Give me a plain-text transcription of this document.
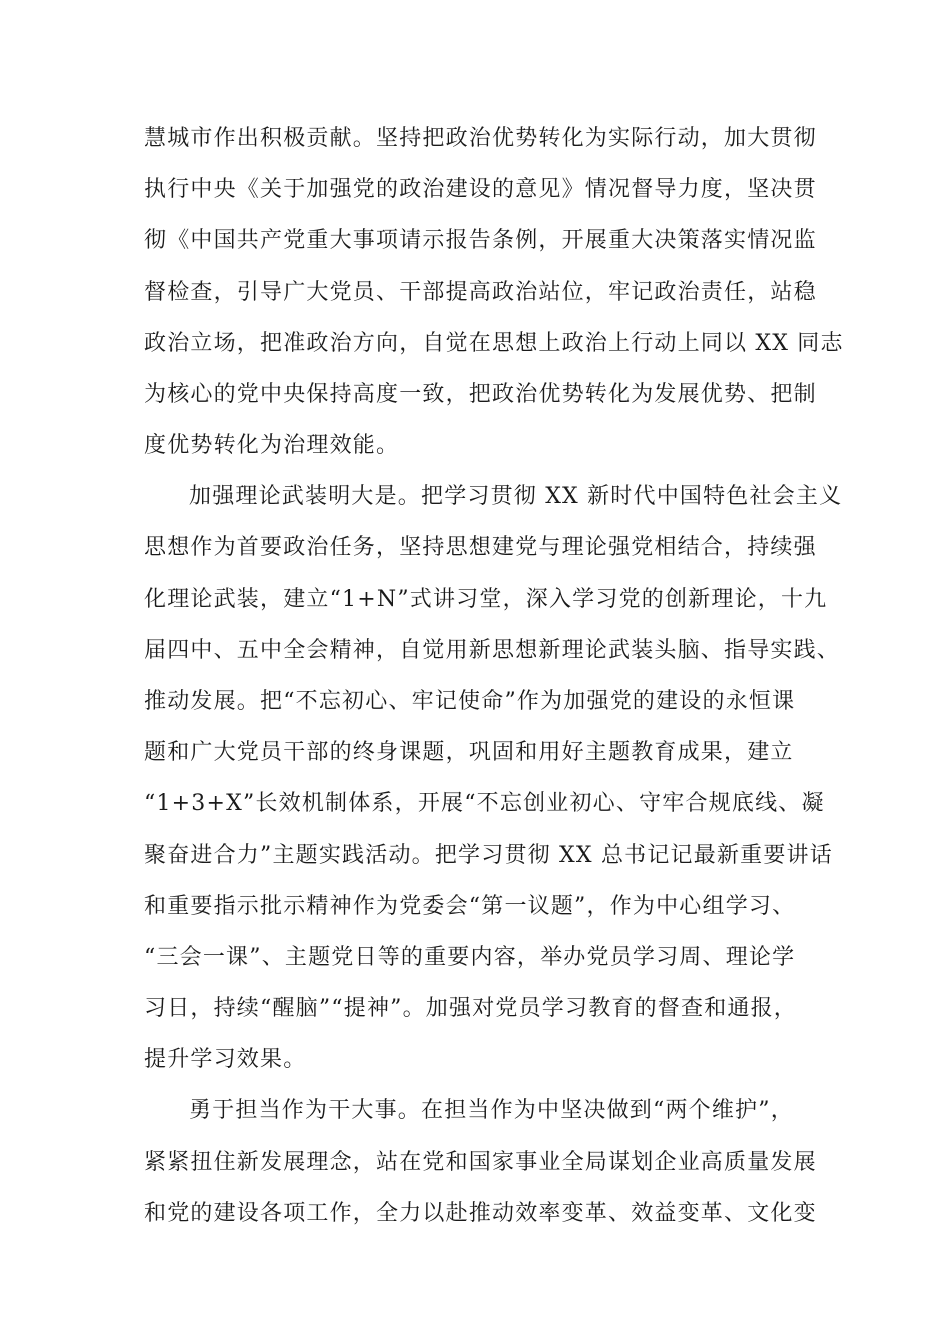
慧城市作出积极贡献。坚持把政治优势转化为实际行动，加大贯彻
执行中央《关于加强党的政治建设的意见》情况督导力度，坚决贯
彻《中国共产党重大事项请示报告条例，开展重大决策落实情况监
督检查，引导广大党员、干部提高政治站位，牢记政治责任，站稳
政治立场，把准政治方向，自觉在思想上政治上行动上同以 XX 同志
为核心的党中央保持高度一致，把政治优势转化为发展优势、把制
度优势转化为治理效能。
加强理论武装明大是。把学习贯彻 XX 新时代中国特色社会主义
思想作为首要政治任务，坚持思想建党与理论强党相结合，持续强
化理论武装，建立“1+N”式讲习堂，深入学习党的创新理论，十九
届四中、五中全会精神，自觉用新思想新理论武装头脑、指导实践、
推动发展。把“不忘初心、牢记使命”作为加强党的建设的永恒课
题和广大党员干部的终身课题，巩固和用好主题教育成果，建立
“1+3+X”长效机制体系，开展“不忘创业初心、守牢合规底线、凝
聚奋进合力”主题实践活动。把学习贯彻 XX 总书记记最新重要讲话
和重要指示批示精神作为党委会“第一议题”，作为中心组学习、
“三会一课”、主题党日等的重要内容，举办党员学习周、理论学
习日，持续“醒脑”“提神”。加强对党员学习教育的督查和通报，
提升学习效果。
勇于担当作为干大事。在担当作为中坚决做到“两个维护”，
紧紧扭住新发展理念，站在党和国家事业全局谋划企业高质量发展
和党的建设各项工作，全力以赴推动效率变革、效益变革、文化变
